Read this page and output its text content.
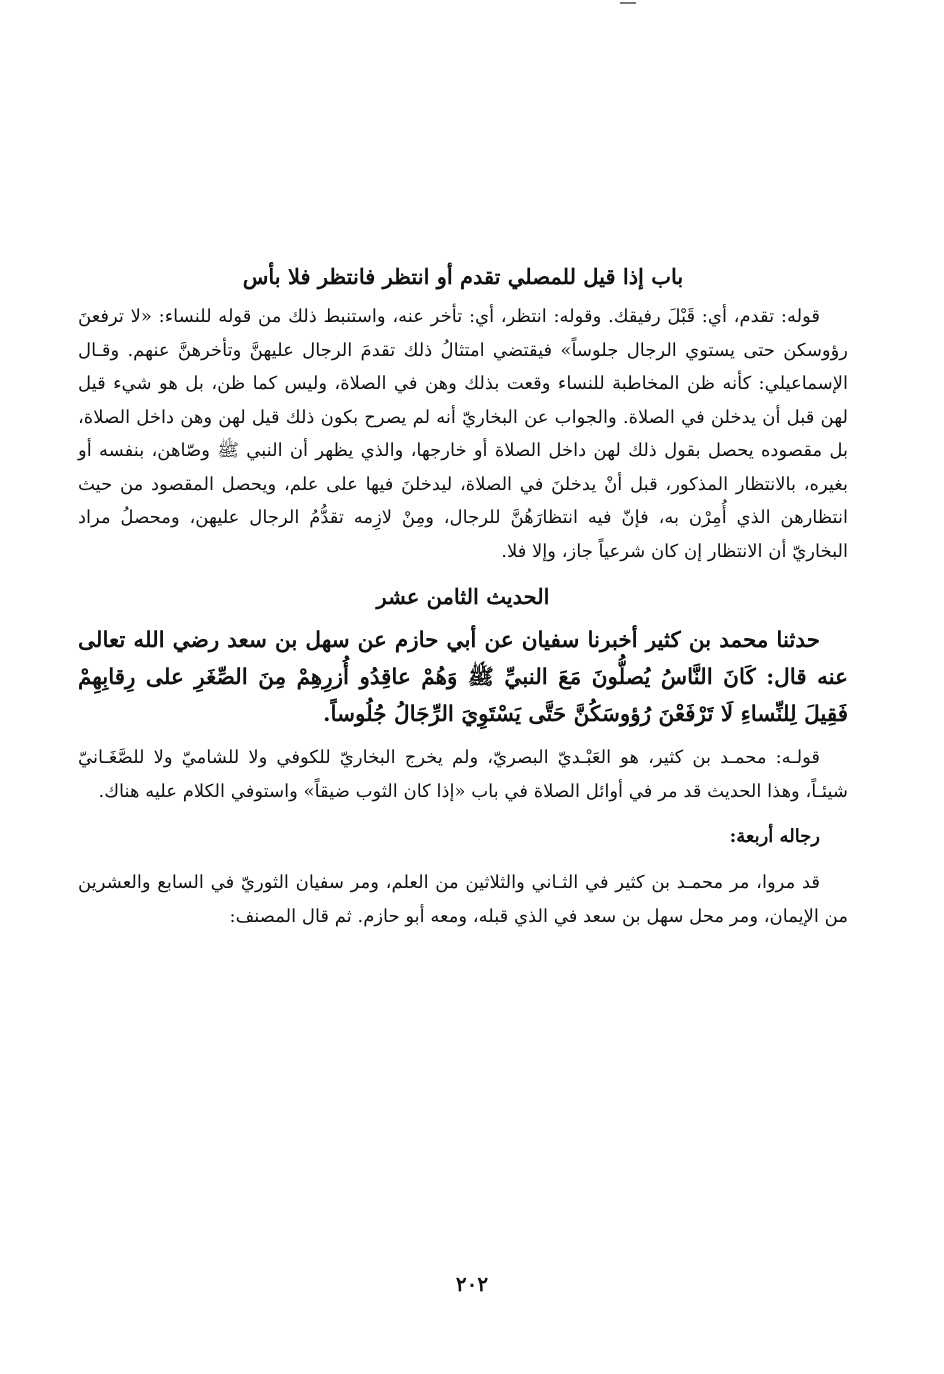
باب إذا قيل للمصلي تقدم أو انتظر فانتظر فلا بأس

قوله: تقدم، أي: قَبْلَ رفيقك. وقوله: انتظر، أي: تأخر عنه، واستنبط ذلك من قوله للنساء: «لا ترفعنَ رؤوسكن حتى يستوي الرجال جلوساً» فيقتضي امتثالُ ذلك تقدمَ الرجال عليهنَّ وتأخرهنَّ عنهم. وقـال الإسماعيلي: كأنه ظن المخاطبة للنساء وقعت بذلك وهن في الصلاة، وليس كما ظن، بل هو شيء قيل لهن قبل أن يدخلن في الصلاة. والجواب عن البخاريّ أنه لم يصرح بكون ذلك قيل لهن وهن داخل الصلاة، بل مقصوده يحصل بقول ذلك لهن داخل الصلاة أو خارجها، والذي يظهر أن النبي ﷺ وصّاهن، بنفسه أو بغيره، بالانتظار المذكور، قبل أنْ يدخلنَ في الصلاة، ليدخلنَ فيها على علم، ويحصل المقصود من حيث انتظارهن الذي أُمِرْن به، فإنّ فيه انتظارَهُنَّ للرجال، ومِنْ لازِمه تقدُّمُ الرجال عليهن، ومحصلُ مراد البخاريّ أن الانتظار إن كان شرعياً جاز، وإلا فلا.

الحديث الثامن عشر

حدثنا محمد بن كثير أخبرنا سفيان عن أبي حازم عن سهل بن سعد رضي الله تعالى عنه قال: كَانَ النَّاسُ يُصلُّونَ مَعَ النبيِّ ﷺ وَهُمْ عاقِدُو أُزرِهِمْ مِنَ الصِّغَرِ على رِقابِهِمْ فَقِيلَ لِلنِّساءِ لَا تَرْفَعْنَ رُؤوسَكُنَّ حَتَّى يَسْتَوِيَ الرِّجَالُ جُلُوساً.

قولـه: محمـد بن كثير، هو العَبْـديّ البصريّ، ولم يخرج البخاريّ للكوفي ولا للشاميّ ولا للصَّغَـانيّ شيئـاً، وهذا الحديث قد مر في أوائل الصلاة في باب «إذا كان الثوب ضيقاً» واستوفي الكلام عليه هناك.

رجاله أربعة:

قد مروا، مر محمـد بن كثير في الثـاني والثلاثين من العلم، ومر سفيان الثوريّ في السابع والعشرين من الإيمان، ومر محل سهل بن سعد في الذي قبله، ومعه أبو حازم. ثم قال المصنف:

٢٠٢
